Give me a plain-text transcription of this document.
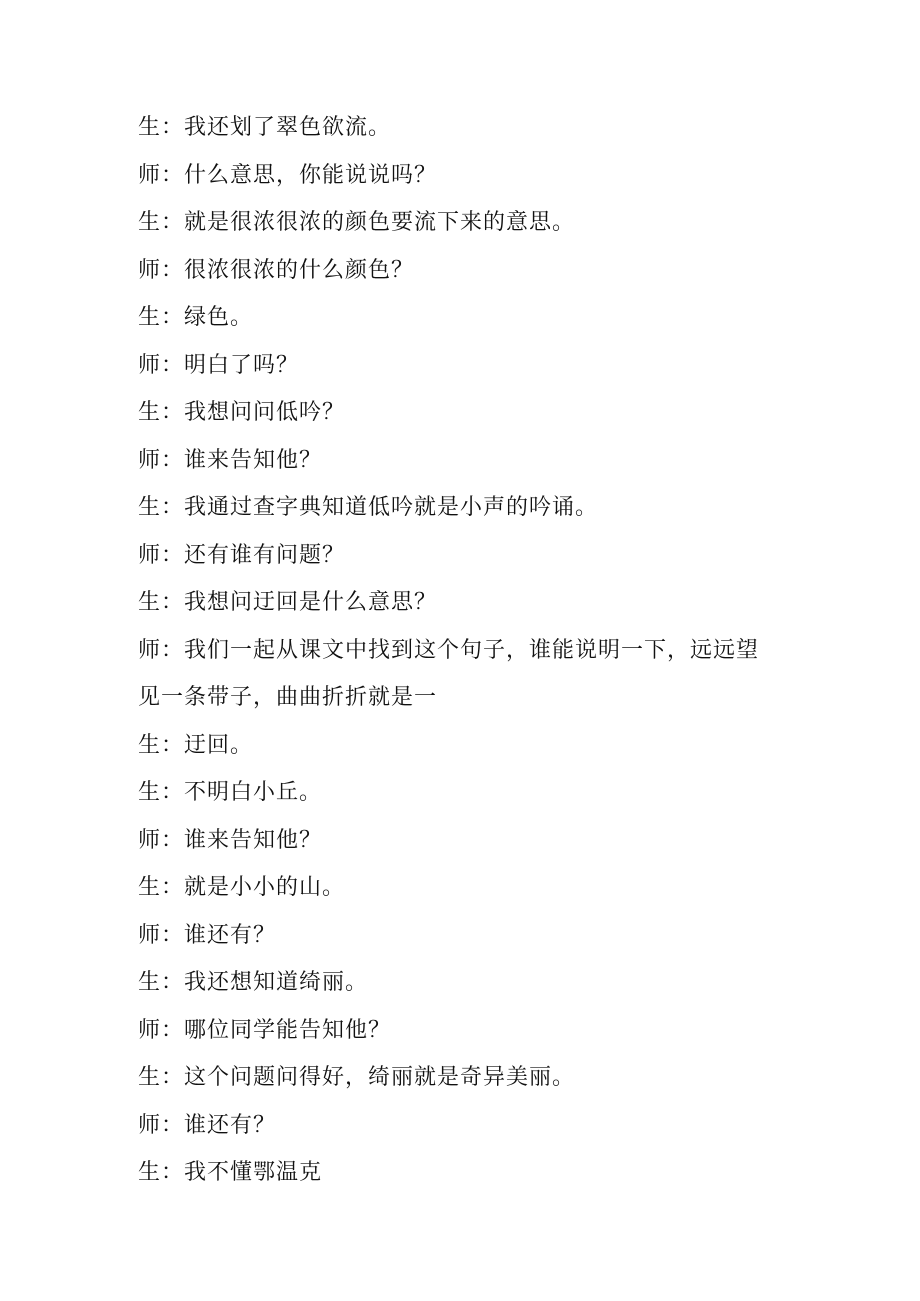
生：我还划了翠色欲流。
师：什么意思，你能说说吗？
生：就是很浓很浓的颜色要流下来的意思。
师：很浓很浓的什么颜色？
生：绿色。
师：明白了吗？
生：我想问问低吟？
师：谁来告知他？
生：我通过查字典知道低吟就是小声的吟诵。
师：还有谁有问题？
生：我想问迂回是什么意思？
师：我们一起从课文中找到这个句子，谁能说明一下，远远望
见一条带子，曲曲折折就是一
生：迂回。
生：不明白小丘。
师：谁来告知他？
生：就是小小的山。
师：谁还有？
生：我还想知道绮丽。
师：哪位同学能告知他？
生：这个问题问得好，绮丽就是奇异美丽。
师：谁还有？
生：我不懂鄂温克
